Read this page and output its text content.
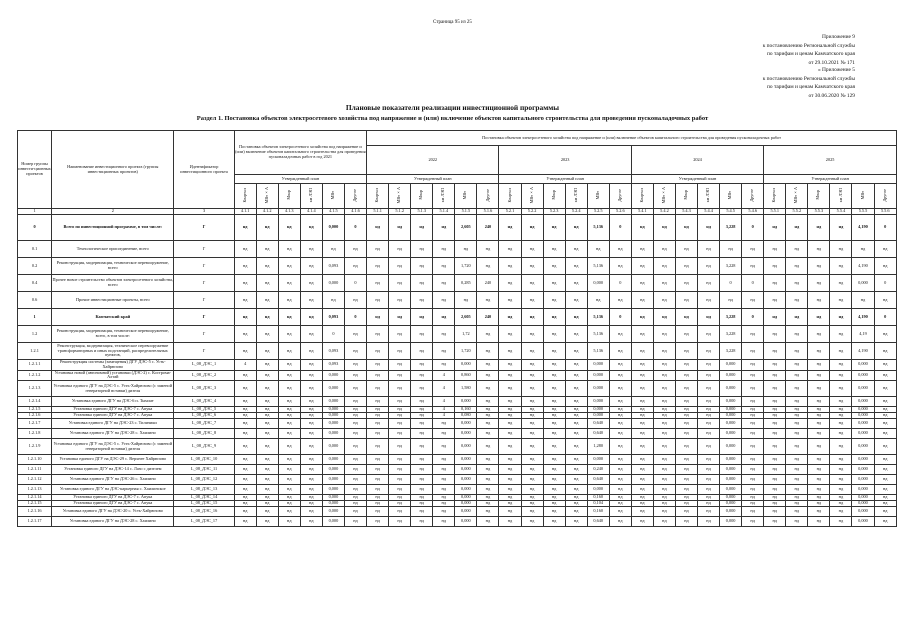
Страница 95 из 25
Приложение 9
к постановлению Региональной службы
по тарифам и ценам Камчатского края
от 29.10.2021 № 171
« Приложение 5
к постановлению Региональной службы
по тарифам и ценам Камчатского края
от 30.06.2020 № 129
Плановые показатели реализации инвестиционной программы
Раздел 1. Постановка объектов электросетевого хозяйства под напряжение и (или) включение объектов капитального строительства для проведения пусконаладочных работ
Номер группы инвести-ционных проектов	Наименование инвестиционного проекта (группы инвестиционных проектов)	Идентификатор инвестиционного проекта	Постановка объектов электросетевого хозяйства под напряжение и (или) включение объектов капитального строительства для проведения пусконаладочных работ в год 2021						Постановка объектов электросетевого хозяйства под напряжение и (или) включение объектов капитального строительства для проведения пусконаладочных работ																							
									2022						2023						2024						2025					
			Утвержденный план						Утвержденный план						Утвержденный план						Утвержденный план						Утвержденный план					
			Квартал	МВт×А	Мвар	км ЛЭП	МВт	Другое	Квартал	МВт×А	Мвар	км ЛЭП	МВт	Другое	Квартал	МВт×А	Мвар	км ЛЭП	МВт	Другое	Квартал	МВт×А	Мвар	км ЛЭП	МВт	Другое	Квартал	МВт×А	Мвар	км ЛЭП	МВт	Другое
1	2	3	4.1.1	4.1.2	4.1.3	4.1.4	4.1.5	4.1.6	5.1.1	5.1.2	5.1.3	5.1.4	5.1.5	5.1.6	5.2.1	5.2.2	5.2.3	5.2.4	5.2.5	5.2.6	5.4.1	5.4.2	5.4.3	5.4.4	5.4.5	5.4.6	5.5.1	5.5.2	5.5.3	5.5.4	5.5.5	5.5.6
0	Всего по инвестиционной программе, в том числе:	Г	нд	нд	нд	нд	0,000	0	нд	нд	нд	нд	2,605	240	нд	нд	нд	нд	5,136	0	нд	нд	нд	нд	3,228	0	нд	нд	нд	нд	4,190	0
0.1	Технологическое присоединение, всего	Г	нд	нд	нд	нд	нд	нд	нд	нд	нд	нд	нд	нд	нд	нд	нд	нд	нд	нд	нд	нд	нд	нд	нд	нд	нд	нд	нд	нд	нд	нд
0.2	Реконструкция, модернизация, техническое перевооружение, всего	Г	нд	нд	нд	нд	0,093	нд	нд	нд	нд	нд	1,720	нд	нд	нд	нд	нд	5,136	нд	нд	нд	нд	нд	3,228	нд	нд	нд	нд	нд	4,190	нд
0.4	Прочее новое строительство объектов электросетевого хозяйства, всего	Г	нд	нд	нд	нд	0,000	0	нд	нд	нд	нд	0,285	240	нд	нд	нд	нд	0,000	0	нд	нд	нд	нд	0	0	нд	нд	нд	нд	0,000	0
0.6	Прочие инвестиционные проекты, всего	Г	нд	нд	нд	нд	нд	нд	нд	нд	нд	нд	нд	нд	нд	нд	нд	нд	нд	нд	нд	нд	нд	нд	нд	нд	нд	нд	нд	нд	нд	нд
1	Камчатский край	Г	нд	нд	нд	нд	0,093	0	нд	нд	нд	нд	2,605	240	нд	нд	нд	нд	5,136	0	нд	нд	нд	нд	3,228	0	нд	нд	нд	нд	4,190	0
1.2	Реконструкция, модернизация, техническое перевооружение, всего, в том числе:	Г	нд	нд	нд	нд	0	нд	нд	нд	нд	нд	1,72	нд	нд	нд	нд	нд	5,136	нд	нд	нд	нд	нд	3,228	нд	нд	нд	нд	нд	4,19	нд
1.2.1	Реконструкция, модернизация, техническое перевооружение трансформаторных и иных подстанций, распределительных пунктов,	Г	нд	нд	нд	нд	0,093	нд	нд	нд	нд	нд	1,720	нд	нд	нд	нд	нд	5,136	нд	нд	нд	нд	нд	3,228	нд	нд	нд	нд	нд	4,190	нд
1.2.1.1	Реконструкция системы (замещения) ДГУ ДЭС-5 с. Усть-Хайрюзово	L_08_ДЭС_1	4	нд	нд	нд	0,093	нд	нд	нд	нд	нд	0,000	нд	нд	нд	нд	нд	0,000	нд	нд	нд	нд	нд	0,000	нд	нд	нд	нд	нд	0,000	нд
1.2.1.2	Установка новой (автономной) установки (ДЭС-2) с. Кострома-Алтай	L_08_ДЭС_2	нд	нд	нд	нд	0,000	нд	нд	нд	нд	4	0,860	нд	нд	нд	нд	нд	0,000	нд	нд	нд	нд	нд	0,000	нд	нд	нд	нд	нд	0,000	нд
1.2.1.3	Установка единого ДГУ на ДЭС-5 с. Усть-Хайрюзово (с заменой генераторной вставки) дизеля	L_08_ДЭС_3	нд	нд	нд	нд	0,000	нд	нд	нд	нд	4	1,580	нд	нд	нд	нд	нд	0,000	нд	нд	нд	нд	нд	0,000	нд	нд	нд	нд	нд	0,000	нд
1.2.1.4	Установка единого ДГУ на ДЭС-6 п. Тымлат	L_08_ДЭС_4	нд	нд	нд	нд	0,000	нд	нд	нд	нд	4	0,000	нд	нд	нд	нд	нд	0,000	нд	нд	нд	нд	нд	0,000	нд	нд	нд	нд	нд	0,000	нд
1.2.1.5	Установка единого ДГУ на ДЭС-7 с. Апука	L_08_ДЭС_5	нд	нд	нд	нд	0,000	нд	нд	нд	нд	4	0,160	нд	нд	нд	нд	нд	0,000	нд	нд	нд	нд	нд	0,000	нд	нд	нд	нд	нд	0,000	нд
1.2.1.6	Установка единого ДГУ на ДЭС-7 с. Апука	L_08_ДЭС_6	нд	нд	нд	нд	0,000	нд	нд	нд	нд	4	0,080	нд	нд	нд	нд	нд	0,000	нд	нд	нд	нд	нд	0,000	нд	нд	нд	нд	нд	0,000	нд
1.2.1.7	Установка единого ДГУ на ДЭС-23 с. Тиличики	L_08_ДЭС_7	нд	нд	нд	нд	0,000	нд	нд	нд	нд	нд	0,000	нд	нд	нд	нд	нд	0,640	нд	нд	нд	нд	нд	0,000	нд	нд	нд	нд	нд	0,000	нд
1.2.1.8	Установка единого ДГУ на ДЭС-28 с. Хаилино	L_08_ДЭС_8	нд	нд	нд	нд	0,000	нд	нд	нд	нд	нд	0,000	нд	нд	нд	нд	нд	0,640	нд	нд	нд	нд	нд	0,000	нд	нд	нд	нд	нд	0,000	нд
1.2.1.9	Установка единого ДГУ на ДЭС-5 с. Усть-Хайрюзово (с заменой генераторной вставки) дизеля	L_08_ДЭС_9	нд	нд	нд	нд	0,000	нд	нд	нд	нд	нд	0,000	нд	нд	нд	нд	нд	1,280	нд	нд	нд	нд	нд	0,000	нд	нд	нд	нд	нд	0,000	нд
1.2.1.10	Установка единого ДГУ на ДЭС-29 с. Верхнее Хайрюзово	L_08_ДЭС_10	нд	нд	нд	нд	0,000	нд	нд	нд	нд	нд	0,000	нд	нд	нд	нд	нд	0,000	нд	нд	нд	нд	нд	0,000	нд	нд	нд	нд	нд	0,000	нд
1.2.1.11	Установка единого ДГУ на ДЭС-14 с. Лазо с дизелем	L_08_ДЭС_11	нд	нд	нд	нд	0,000	нд	нд	нд	нд	нд	0,000	нд	нд	нд	нд	нд	0,240	нд	нд	нд	нд	нд	0,000	нд	нд	нд	нд	нд	0,000	нд
1.2.1.12	Установка единого ДГУ на ДЭС-26 с. Хаилино	L_08_ДЭС_12	нд	нд	нд	нд	0,000	нд	нд	нд	нд	нд	0,000	нд	нд	нд	нд	нд	0,640	нд	нд	нд	нд	нд	0,000	нд	нд	нд	нд	нд	0,000	нд
1.2.1.13	Установка единого ДГУ на ДЭС-карьерная с. Хаилинское	L_08_ДЭС_13	нд	нд	нд	нд	0,000	нд	нд	нд	нд	нд	0,000	нд	нд	нд	нд	нд	0,000	нд	нд	нд	нд	нд	0,000	нд	нд	нд	нд	нд	0,000	нд
1.2.1.14	Установка единого ДГУ на ДЭС-7 с. Апука	L_08_ДЭС_14	нд	нд	нд	нд	0,000	нд	нд	нд	нд	нд	0,000	нд	нд	нд	нд	нд	0,160	нд	нд	нд	нд	нд	0,000	нд	нд	нд	нд	нд	0,000	нд
1.2.1.15	Установка единого ДГУ на ДЭС-7 с. Апука	L_08_ДЭС_15	нд	нд	нд	нд	0,000	нд	нд	нд	нд	нд	0,000	нд	нд	нд	нд	нд	0,104	нд	нд	нд	нд	нд	0,000	нд	нд	нд	нд	нд	0,000	нд
1.2.1.16	Установка единого ДГУ на ДЭС-20 с. Усть-Хайрюзово	L_08_ДЭС_16	нд	нд	нд	нд	0,000	нд	нд	нд	нд	нд	0,000	нд	нд	нд	нд	нд	0,160	нд	нд	нд	нд	нд	0,000	нд	нд	нд	нд	нд	0,000	нд
1.2.1.17	Установка единого ДГУ на ДЭС-28 с. Хаилино	L_08_ДЭС_17	нд	нд	нд	нд	0,000	нд	нд	нд	нд	нд	0,000	нд	нд	нд	нд	нд	0,640	нд	нд	нд	нд	нд	0,000	нд	нд	нд	нд	нд	0,000	нд
